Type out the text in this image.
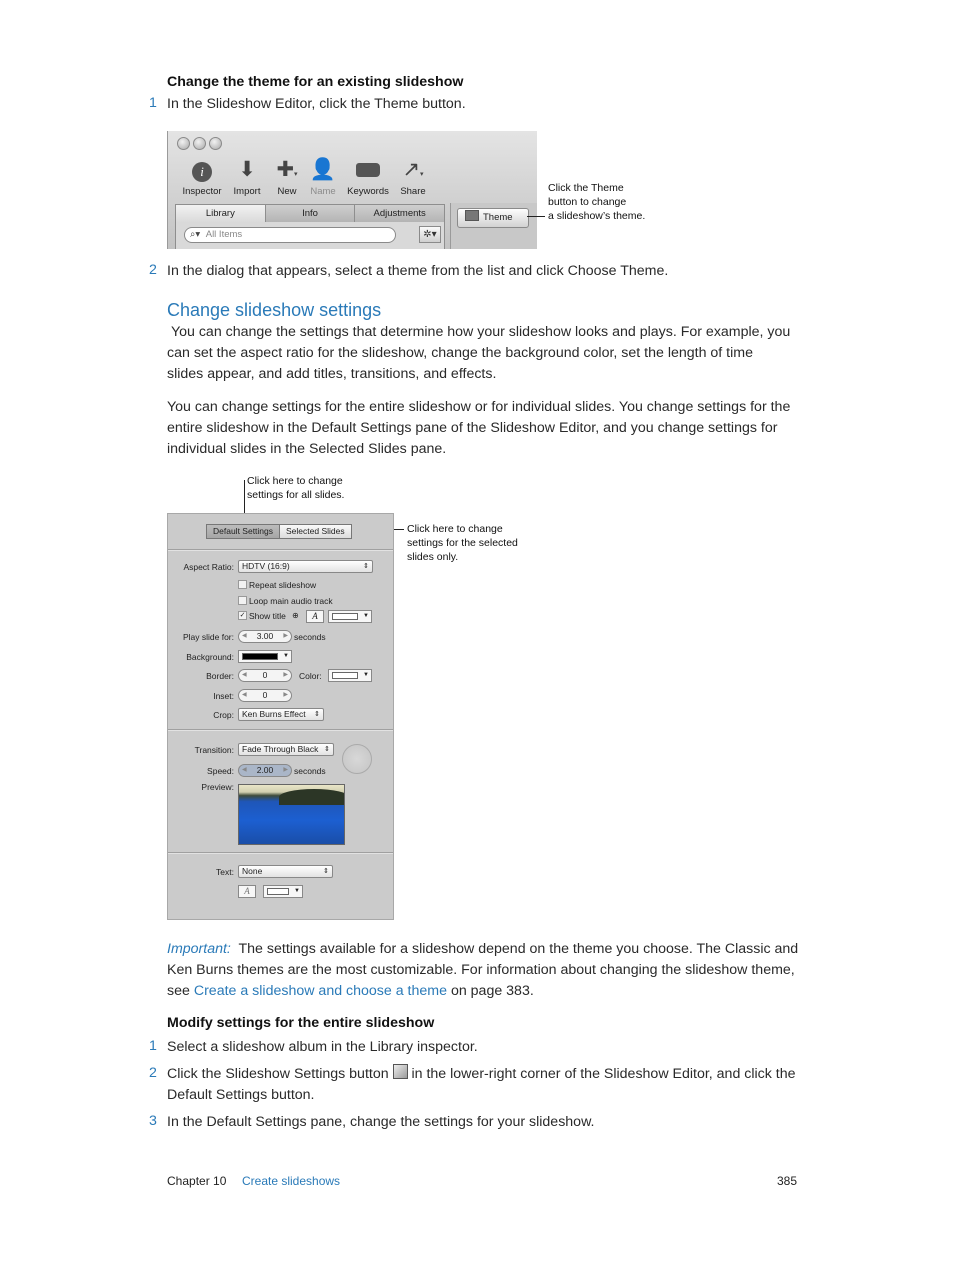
Change the theme for an existing slideshow
1 In the Slideshow Editor, click the Theme button.
i
Inspector
⬇
Import
✚▾
New
👤
Name	Keywords
↗▾
Share
Library	Info	Adjustments
⌕▾ All Items	✲▾
Theme
Click the Theme
button to change
a slideshow’s theme.
2 In the dialog that appears, select a theme from the list and click Choose Theme.
Change slideshow settings
You can change the settings that determine how your slideshow looks and plays. For example, you can set the aspect ratio for the slideshow, change the background color, set the length of time slides appear, and add titles, transitions, and effects.
You can change settings for the entire slideshow or for individual slides. You change settings for the entire slideshow in the Default Settings pane of the Slideshow Editor, and you change settings for individual slides in the Selected Slides pane.
Click here to change
settings for all slides.
Click here to change
settings for the selected
slides only.
Default Settings	Selected Slides
Aspect Ratio: HDTV (16:9)	⇕
Repeat slideshow
Loop main audio track
✓ Show title ⊕	A	▼
Play slide for: ◀ 3.00 ▶ seconds
Background:	▼
Border: ◀ 0	▶ Color:	▼
Inset: ◀ 0	▶
Crop: Ken Burns Effect ⇕
Transition: Fade Through Black ⇕
Speed: ◀ 2.00 ▶ seconds
Preview:
Text: None	⇕
A	▼
Important:  The settings available for a slideshow depend on the theme you choose. The Classic and Ken Burns themes are the most customizable. For information about changing the slideshow theme, see Create a slideshow and choose a theme on page 383.
Modify settings for the entire slideshow
1 Select a slideshow album in the Library inspector.
2 Click the Slideshow Settings button  in the lower-right corner of the Slideshow Editor, and click the Default Settings button.
3 In the Default Settings pane, change the settings for your slideshow.
Chapter 10 Create slideshows	385
